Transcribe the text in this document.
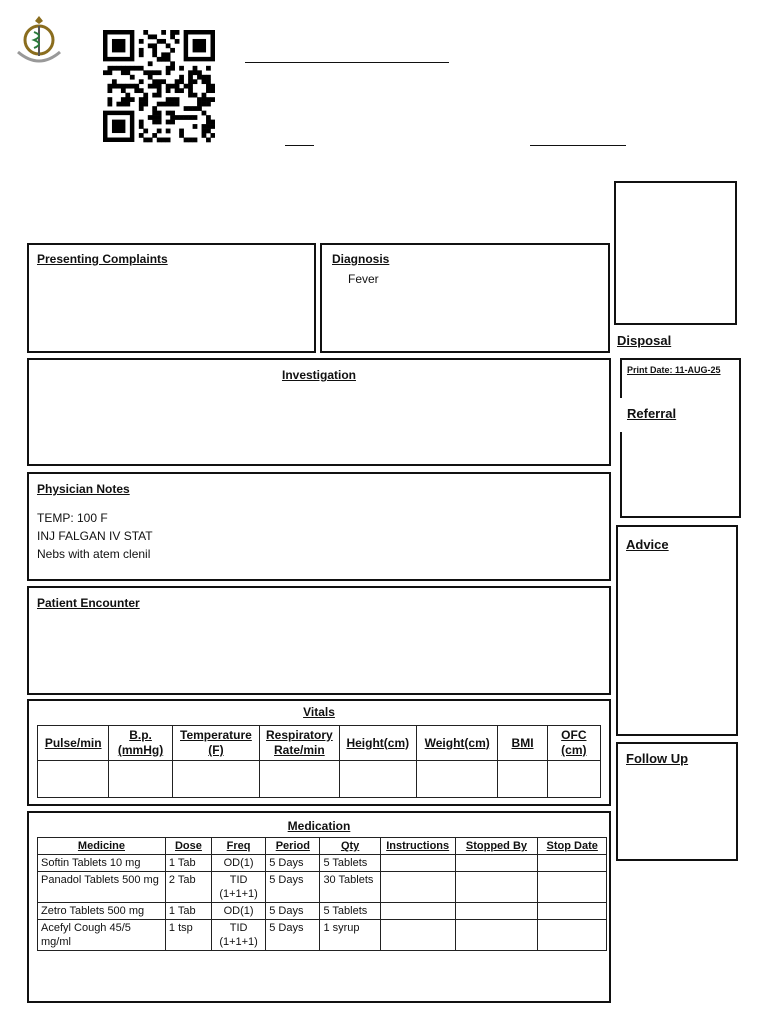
Presenting Complaints	Diagnosis
Fever
Disposal
Investigation	Print Date: 11-AUG-25
Referral
Physician Notes
TEMP: 100 F
INJ FALGAN IV STAT
Nebs with atem clenil
Advice
Patient Encounter
Vitals
Pulse/min	B.p. (mmHg)	Temperature (F)	Respiratory Rate/min	Height(cm)	Weight(cm)	BMI	OFC (cm)

Follow Up
Medication
Medicine	Dose	Freq	Period	Qty	Instructions	Stopped By	Stop Date
Softin Tablets 10 mg	1 Tab	OD(1)	5 Days	5 Tablets			
Panadol Tablets 500 mg	2 Tab	TID (1+1+1)	5 Days	30 Tablets			
Zetro Tablets 500 mg	1 Tab	OD(1)	5 Days	5 Tablets			
Acefyl Cough 45/5 mg/ml	1 tsp	TID (1+1+1)	5 Days	1 syrup			
